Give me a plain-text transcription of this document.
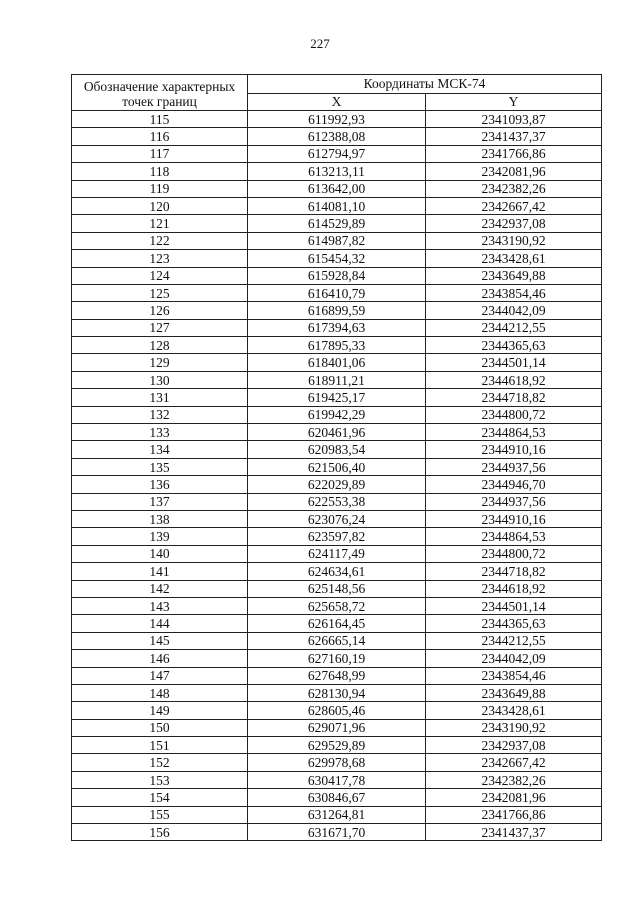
227
Обозначение характерных
точек границ	Координаты МСК-74	
	X	Y
115	611992,93	2341093,87
116	612388,08	2341437,37
117	612794,97	2341766,86
118	613213,11	2342081,96
119	613642,00	2342382,26
120	614081,10	2342667,42
121	614529,89	2342937,08
122	614987,82	2343190,92
123	615454,32	2343428,61
124	615928,84	2343649,88
125	616410,79	2343854,46
126	616899,59	2344042,09
127	617394,63	2344212,55
128	617895,33	2344365,63
129	618401,06	2344501,14
130	618911,21	2344618,92
131	619425,17	2344718,82
132	619942,29	2344800,72
133	620461,96	2344864,53
134	620983,54	2344910,16
135	621506,40	2344937,56
136	622029,89	2344946,70
137	622553,38	2344937,56
138	623076,24	2344910,16
139	623597,82	2344864,53
140	624117,49	2344800,72
141	624634,61	2344718,82
142	625148,56	2344618,92
143	625658,72	2344501,14
144	626164,45	2344365,63
145	626665,14	2344212,55
146	627160,19	2344042,09
147	627648,99	2343854,46
148	628130,94	2343649,88
149	628605,46	2343428,61
150	629071,96	2343190,92
151	629529,89	2342937,08
152	629978,68	2342667,42
153	630417,78	2342382,26
154	630846,67	2342081,96
155	631264,81	2341766,86
156	631671,70	2341437,37
